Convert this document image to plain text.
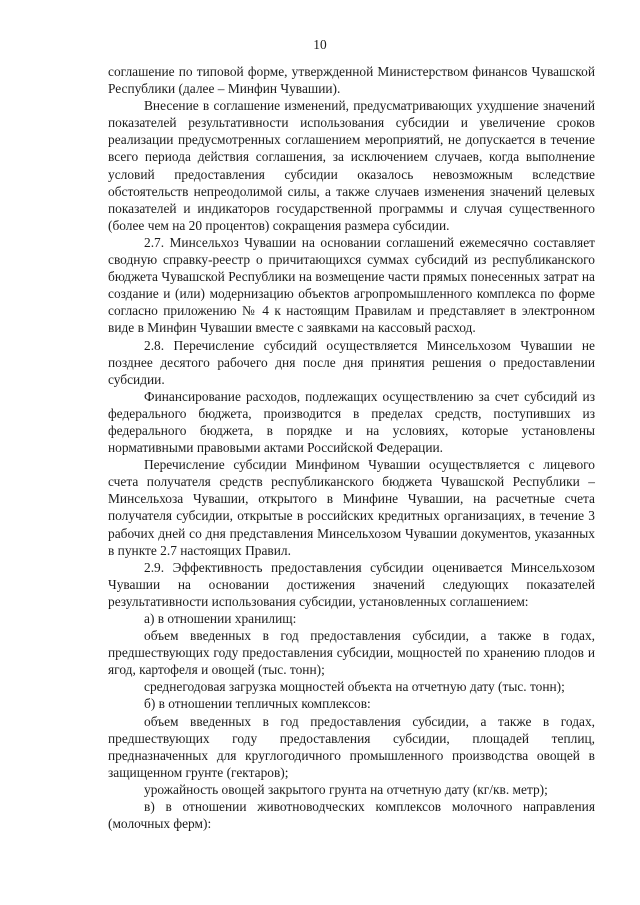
10

соглашение по типовой форме, утвержденной Министерством финансов Чувашской Республики (далее – Минфин Чувашии).

Внесение в соглашение изменений, предусматривающих ухудшение значений показателей результативности использования субсидии и увеличение сроков реализации предусмотренных соглашением мероприятий, не допускается в течение всего периода действия соглашения, за исключением случаев, когда выполнение условий предоставления субсидии оказалось невозможным вследствие обстоятельств непреодолимой силы, а также случаев изменения значений целевых показателей и индикаторов государственной программы и случая существенного (более чем на 20 процентов) сокращения размера субсидии.

2.7. Минсельхоз Чувашии на основании соглашений ежемесячно составляет сводную справку-реестр о причитающихся суммах субсидий из республиканского бюджета Чувашской Республики на возмещение части прямых понесенных затрат на создание и (или) модернизацию объектов агропромышленного комплекса по форме согласно приложению № 4 к настоящим Правилам и представляет в электронном виде в Минфин Чувашии вместе с заявками на кассовый расход.

2.8. Перечисление субсидий осуществляется Минсельхозом Чувашии не позднее десятого рабочего дня после дня принятия решения о предоставлении субсидии.

Финансирование расходов, подлежащих осуществлению за счет субсидий из федерального бюджета, производится в пределах средств, поступивших из федерального бюджета, в порядке и на условиях, которые установлены нормативными правовыми актами Российской Федерации.

Перечисление субсидии Минфином Чувашии осуществляется с лицевого счета получателя средств республиканского бюджета Чувашской Республики – Минсельхоза Чувашии, открытого в Минфине Чувашии, на расчетные счета получателя субсидии, открытые в российских кредитных организациях, в течение 3 рабочих дней со дня представления Минсельхозом Чувашии документов, указанных в пункте 2.7 настоящих Правил.

2.9. Эффективность предоставления субсидии оценивается Минсельхозом Чувашии на основании достижения значений следующих показателей результативности использования субсидии, установленных соглашением:

а) в отношении хранилищ:

объем введенных в год предоставления субсидии, а также в годах, предшествующих году предоставления субсидии, мощностей по хранению плодов и ягод, картофеля и овощей (тыс. тонн);

среднегодовая загрузка мощностей объекта на отчетную дату (тыс. тонн);

б) в отношении тепличных комплексов:

объем введенных в год предоставления субсидии, а также в годах, предшествующих году предоставления субсидии, площадей теплиц, предназначенных для круглогодичного промышленного производства овощей в защищенном грунте (гектаров);

урожайность овощей закрытого грунта на отчетную дату (кг/кв. метр);

в) в отношении животноводческих комплексов молочного направления (молочных ферм):
